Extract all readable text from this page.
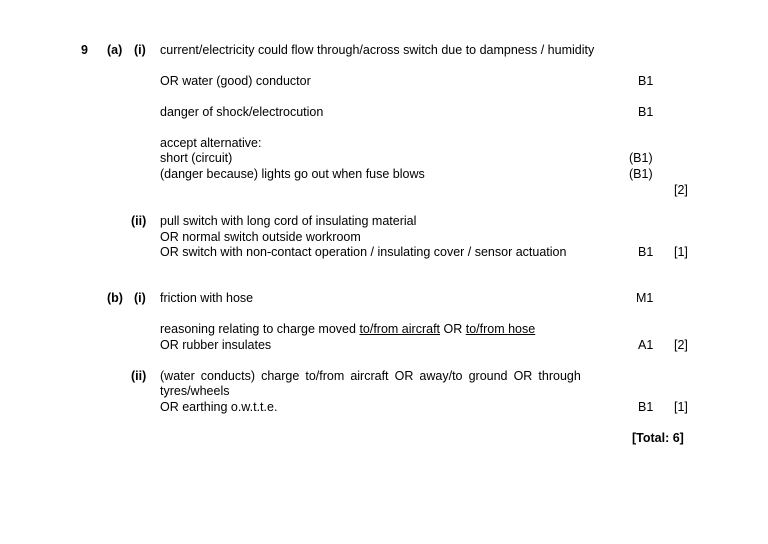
9 (a) (i) current/electricity could flow through/across switch due to dampness / humidity
OR water (good) conductor	B1
danger of shock/electrocution	B1
accept alternative:
short (circuit)	(B1)
(danger because) lights go out when fuse blows	(B1)
[2]
(ii) pull switch with long cord of insulating material
OR normal switch outside workroom
OR switch with non-contact operation / insulating cover / sensor actuation	B1 [1]
(b) (i) friction with hose	M1
reasoning relating to charge moved to/from aircraft OR to/from hose
OR rubber insulates	A1 [2]
(ii) (water conducts) charge to/from aircraft OR away/to ground OR through
tyres/wheels
OR earthing o.w.t.t.e.	B1 [1]
[Total: 6]
